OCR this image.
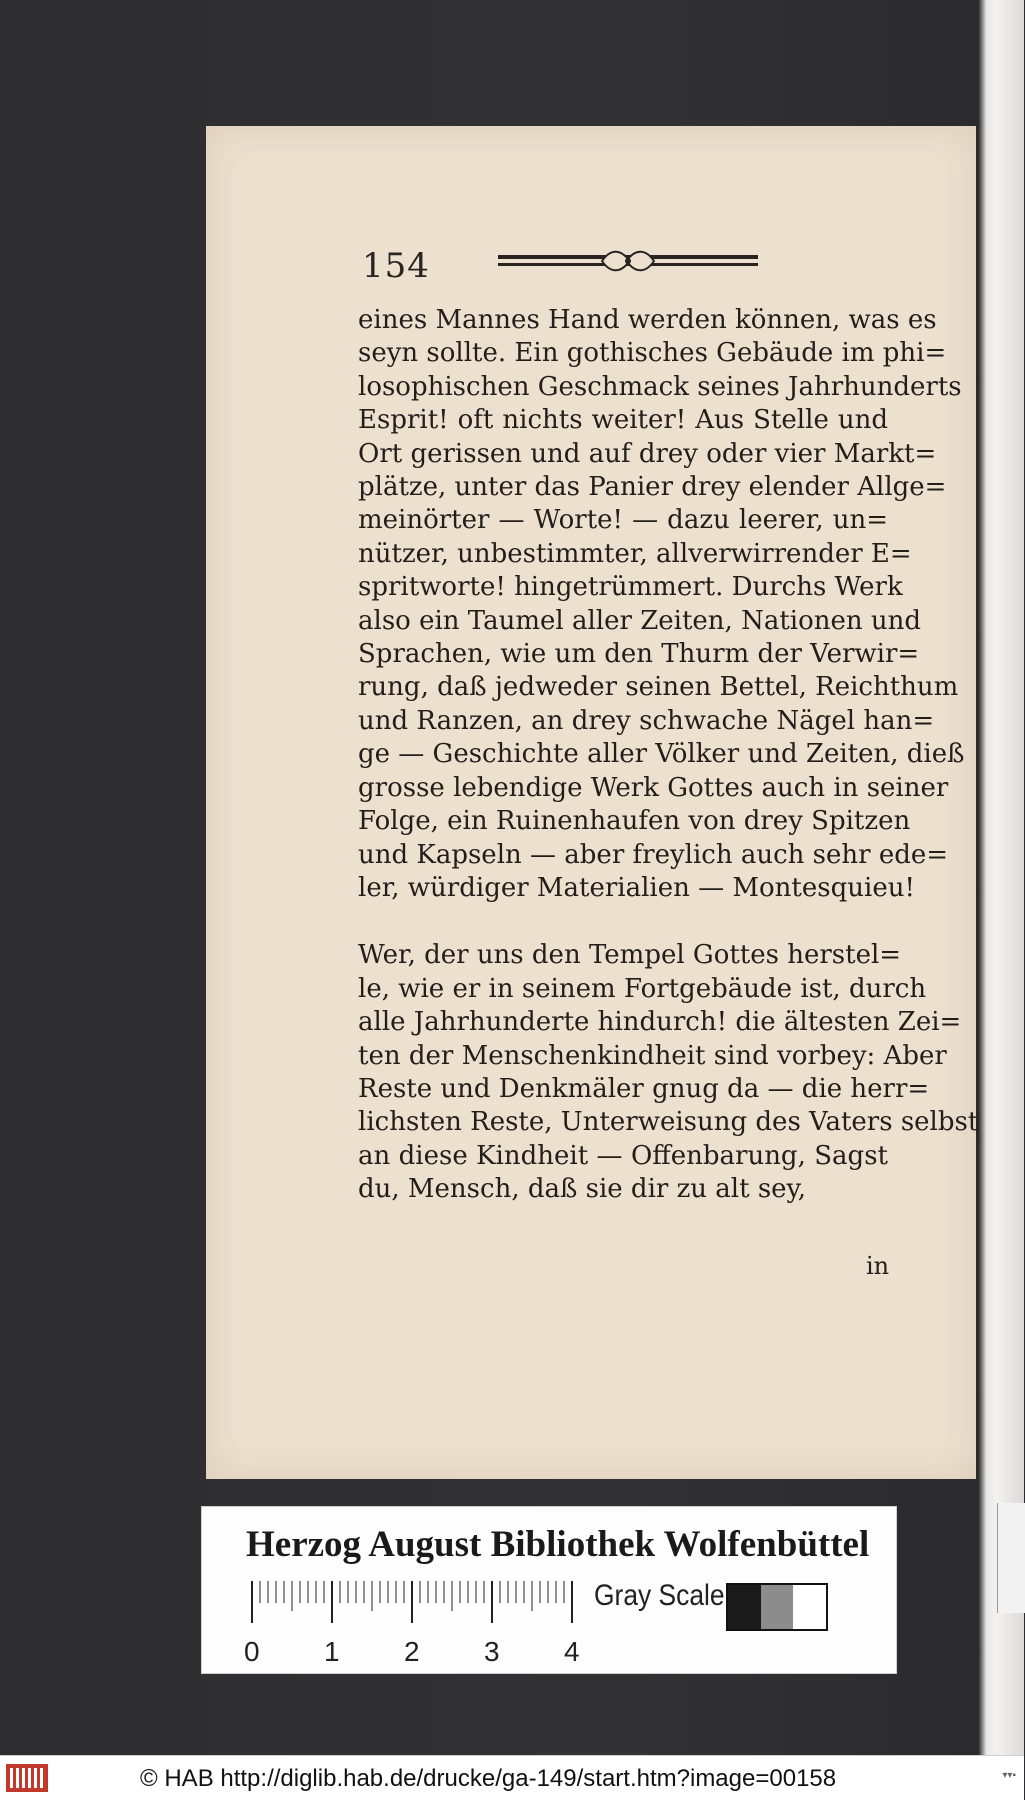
154
eines Mannes Hand werden können, was es
seyn sollte. Ein gothisches Gebäude im phi=
losophischen Geschmack seines Jahrhunderts
Esprit! oft nichts weiter! Aus Stelle und
Ort gerissen und auf drey oder vier Markt=
plätze, unter das Panier drey elender Allge=
meinörter — Worte! — dazu leerer, un=
nützer, unbestimmter, allverwirrender E=
spritworte! hingetrümmert. Durchs Werk
also ein Taumel aller Zeiten, Nationen und
Sprachen, wie um den Thurm der Verwir=
rung, daß jedweder seinen Bettel, Reichthum
und Ranzen, an drey schwache Nägel han=
ge — Geschichte aller Völker und Zeiten, dieß
grosse lebendige Werk Gottes auch in seiner
Folge, ein Ruinenhaufen von drey Spitzen
und Kapseln — aber freylich auch sehr ede=
ler, würdiger Materialien — Montesquieu!
Wer, der uns den Tempel Gottes herstel=
le, wie er in seinem Fortgebäude ist, durch
alle Jahrhunderte hindurch! die ältesten Zei=
ten der Menschenkindheit sind vorbey: Aber
Reste und Denkmäler gnug da — die herr=
lichsten Reste, Unterweisung des Vaters selbst
an diese Kindheit — Offenbarung, Sagst
du, Mensch, daß sie dir zu alt sey,
in
Herzog August Bibliothek Wolfenbüttel
0 1 2 3 4
Gray Scale
© HAB http://diglib.hab.de/drucke/ga-149/start.htm?image=00158	▾▾▪
